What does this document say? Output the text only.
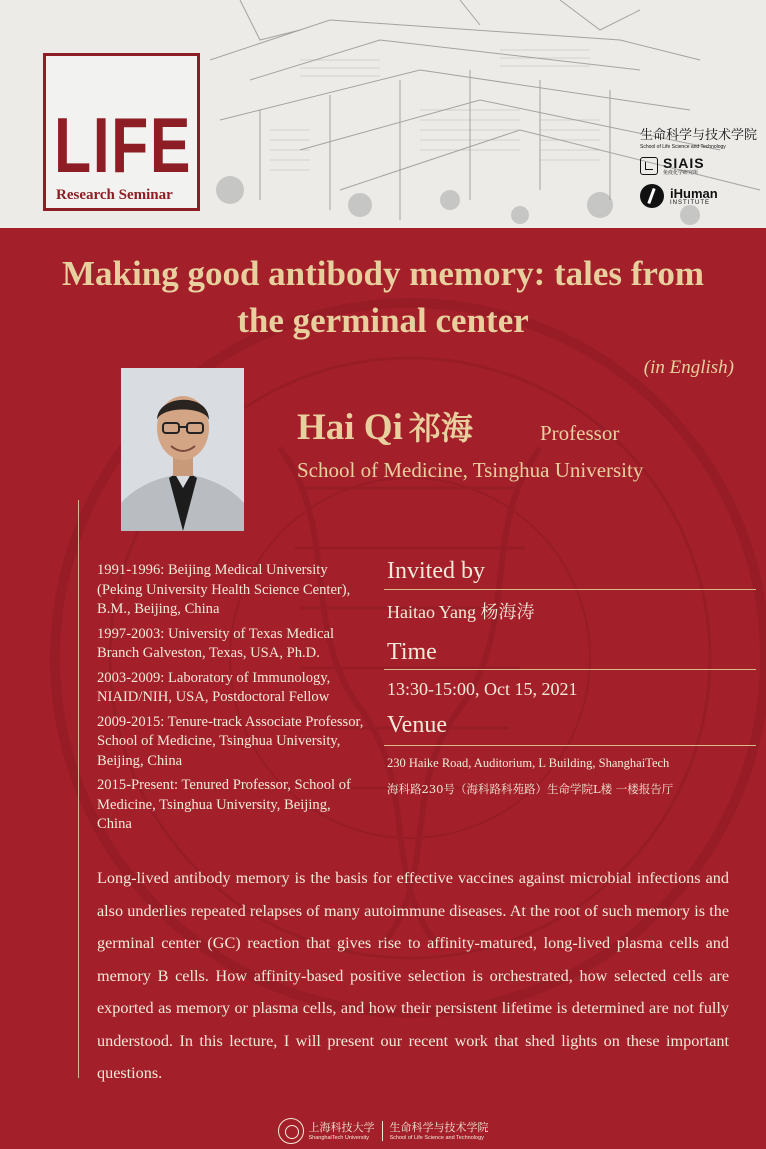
LIFE
Research Seminar
生命科学与技术学院
School of Life Science and Technology
SIAIS
免疫化学研究所
iHuman
INSTITUTE
Making good antibody memory: tales from
the germinal center
(in English)
Hai Qi 祁海	Professor
School of Medicine, Tsinghua University

1991-1996: Beijing Medical University (Peking University Health Science Center), B.M., Beijing, China

1997-2003: University of Texas Medical Branch Galveston, Texas, USA, Ph.D.

2003-2009: Laboratory of Immunology, NIAID/NIH, USA, Postdoctoral Fellow

2009-2015: Tenure-track Associate Professor, School of Medicine, Tsinghua University, Beijing, China

2015-Present: Tenured Professor, School of Medicine, Tsinghua University, Beijing, China

Invited by
Haitao Yang 杨海涛
Time
13:30-15:00, Oct 15, 2021
Venue
230 Haike Road, Auditorium, L Building, ShanghaiTech
海科路230号（海科路科苑路）生命学院L楼 一楼报告厅
Long-lived antibody memory is the basis for effective vaccines against microbial infections and also underlies repeated relapses of many autoimmune diseases. At the root of such memory is the germinal center (GC) reaction that gives rise to affinity-matured, long-lived plasma cells and memory B cells. How affinity-based positive selection is orchestrated, how selected cells are exported as memory or plasma cells, and how their persistent lifetime is determined are not fully understood. In this lecture, I will present our recent work that shed lights on these important questions.
上海科技大学
ShanghaiTech University
生命科学与技术学院
School of Life Science and Technology
